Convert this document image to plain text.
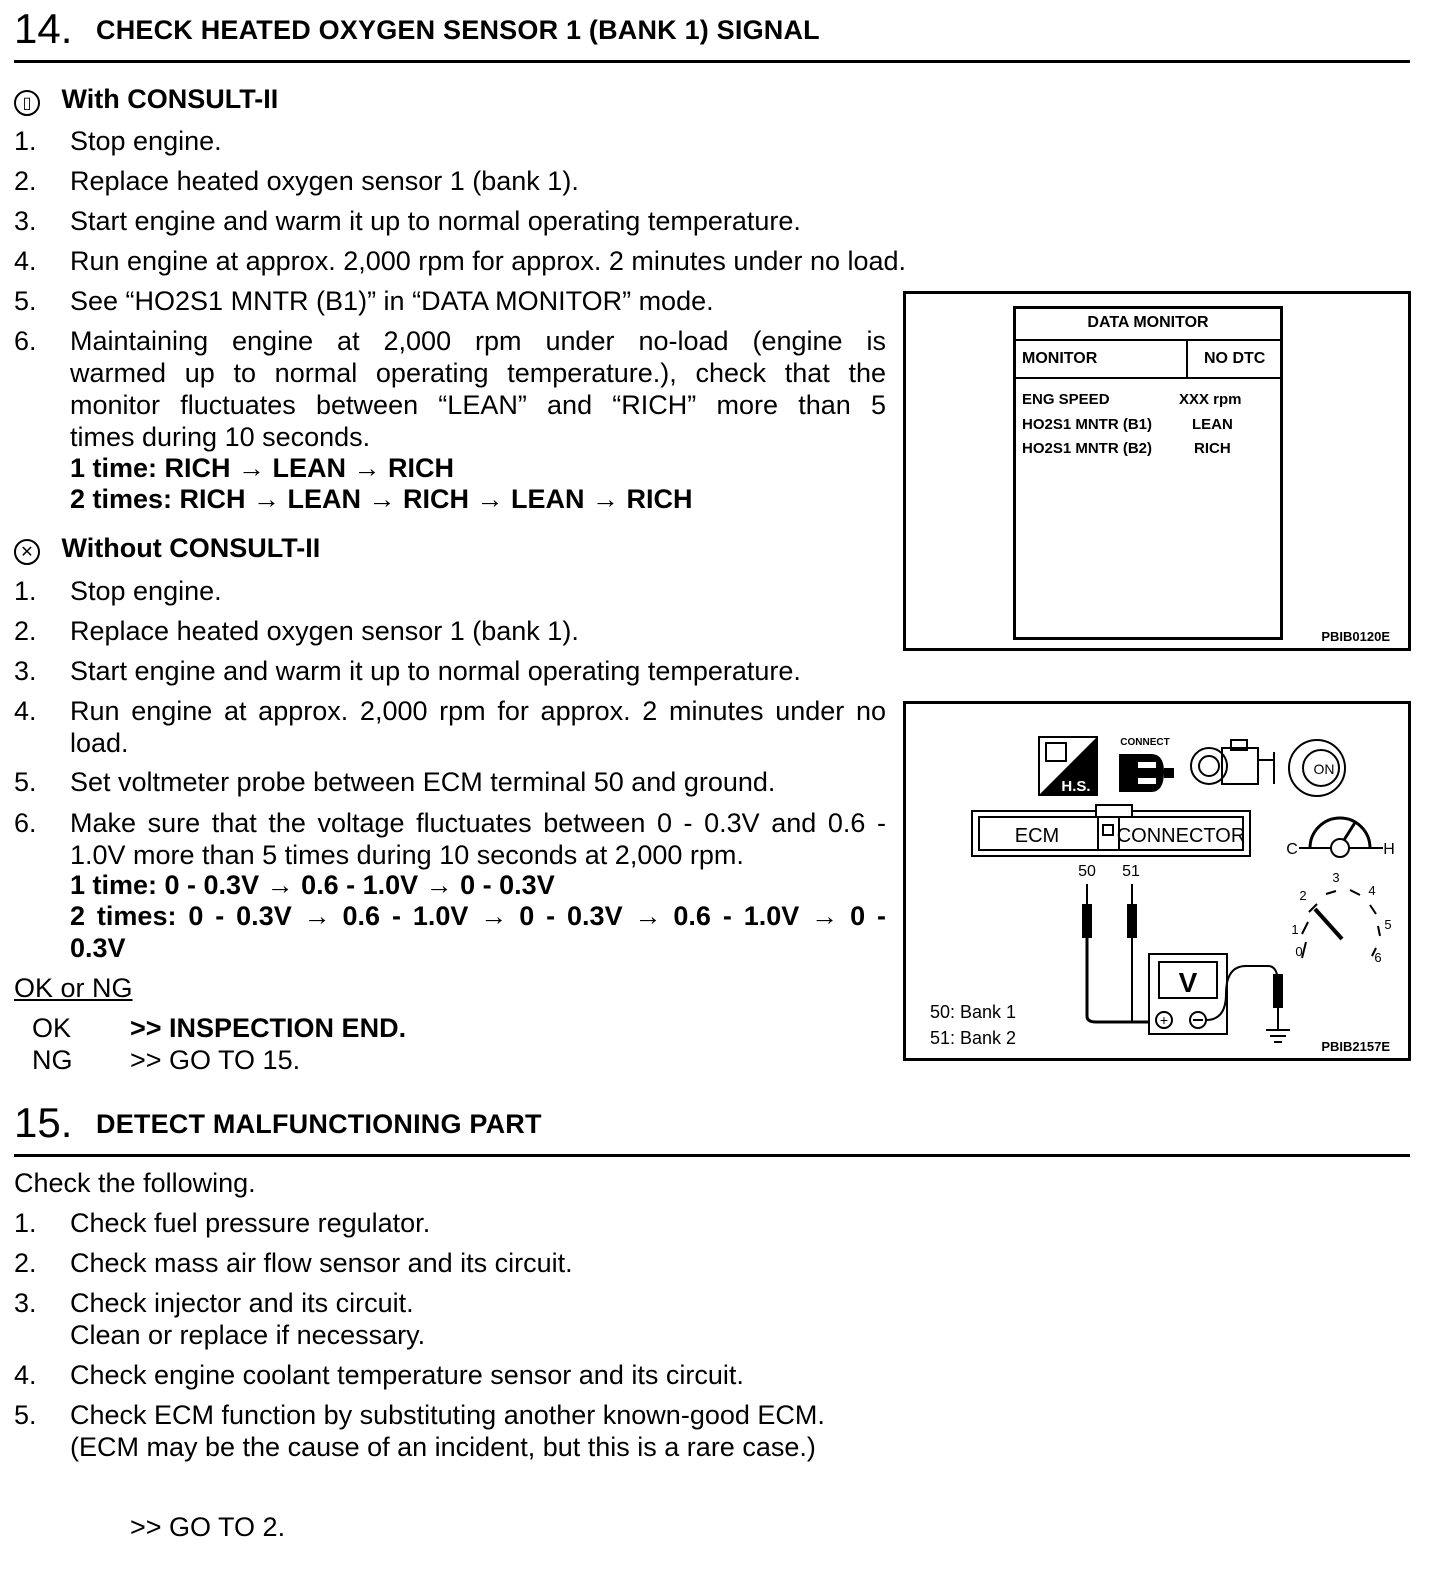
14. CHECK HEATED OXYGEN SENSOR 1 (BANK 1) SIGNAL
▯ With CONSULT-II
1. Stop engine.
2. Replace heated oxygen sensor 1 (bank 1).
3. Start engine and warm it up to normal operating temperature.
4. Run engine at approx. 2,000 rpm for approx. 2 minutes under no load.
5. See “HO2S1 MNTR (B1)” in “DATA MONITOR” mode.
6. Maintaining engine at 2,000 rpm under no-load (engine is
warmed up to normal operating temperature.), check that the
monitor fluctuates between “LEAN” and “RICH” more than 5
times during 10 seconds.
1 time: RICH → LEAN → RICH
2 times: RICH → LEAN → RICH → LEAN → RICH
✕ Without CONSULT-II
1. Stop engine.
2. Replace heated oxygen sensor 1 (bank 1).
3. Start engine and warm it up to normal operating temperature.
4. Run engine at approx. 2,000 rpm for approx. 2 minutes under no
load.
5. Set voltmeter probe between ECM terminal 50 and ground.
6. Make sure that the voltage fluctuates between 0 - 0.3V and 0.6 -
1.0V more than 5 times during 10 seconds at 2,000 rpm.
1 time: 0 - 0.3V → 0.6 - 1.0V → 0 - 0.3V
2 times: 0 - 0.3V → 0.6 - 1.0V → 0 - 0.3V → 0.6 - 1.0V → 0 -
0.3V
OK or NG
OK >> INSPECTION END.
NG >> GO TO 15.
DATA MONITOR
MONITOR	NO DTC
ENG SPEED	XXX rpm
HO2S1 MNTR (B1)	LEAN
HO2S1 MNTR (B2)	RICH
PBIB0120E
H.S.
CONNECT
ON
ECM	CONNECTOR
50 51
V
+
C	H
0
1
2
3
4
5
6
50: Bank 1
51: Bank 2	PBIB2157E
15. DETECT MALFUNCTIONING PART
Check the following.
1. Check fuel pressure regulator.
2. Check mass air flow sensor and its circuit.
3. Check injector and its circuit.
Clean or replace if necessary.
4. Check engine coolant temperature sensor and its circuit.
5. Check ECM function by substituting another known-good ECM.
(ECM may be the cause of an incident, but this is a rare case.)
>> GO TO 2.
